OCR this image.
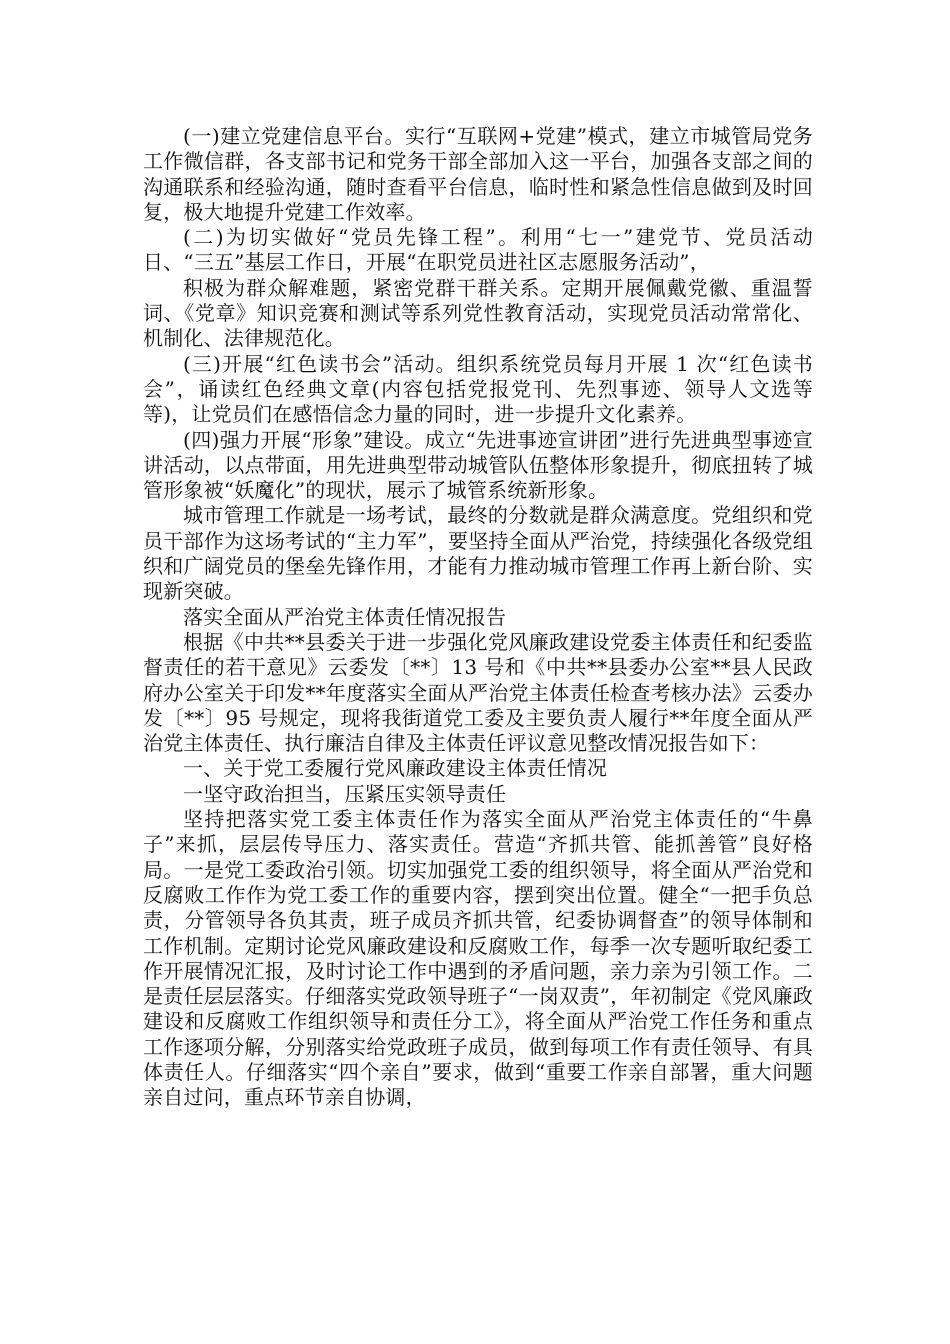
(一)建立党建信息平台。实行“互联网+党建”模式，建立市城管局党务工作微信群，各支部书记和党务干部全部加入这一平台，加强各支部之间的沟通联系和经验沟通，随时查看平台信息，临时性和紧急性信息做到及时回复，极大地提升党建工作效率。

(二)为切实做好“党员先锋工程”。利用“七一”建党节、党员活动日、“三五”基层工作日，开展“在职党员进社区志愿服务活动”，

积极为群众解难题，紧密党群干群关系。定期开展佩戴党徽、重温誓词、《党章》知识竞赛和测试等系列党性教育活动，实现党员活动常常化、机制化、法律规范化。

(三)开展“红色读书会”活动。组织系统党员每月开展 1 次“红色读书会”，诵读红色经典文章(内容包括党报党刊、先烈事迹、领导人文选等等)，让党员们在感悟信念力量的同时，进一步提升文化素养。

(四)强力开展“形象”建设。成立“先进事迹宣讲团”进行先进典型事迹宣讲活动，以点带面，用先进典型带动城管队伍整体形象提升，彻底扭转了城管形象被“妖魔化”的现状，展示了城管系统新形象。

城市管理工作就是一场考试，最终的分数就是群众满意度。党组织和党员干部作为这场考试的“主力军”，要坚持全面从严治党，持续强化各级党组织和广阔党员的堡垒先锋作用，才能有力推动城市管理工作再上新台阶、实现新突破。

落实全面从严治党主体责任情况报告

根据《中共**县委关于进一步强化党风廉政建设党委主体责任和纪委监督责任的若干意见》云委发〔**〕13 号和《中共**县委办公室**县人民政府办公室关于印发**年度落实全面从严治党主体责任检查考核办法》云委办发〔**〕95 号规定，现将我街道党工委及主要负责人履行**年度全面从严治党主体责任、执行廉洁自律及主体责任评议意见整改情况报告如下：

一、关于党工委履行党风廉政建设主体责任情况

一坚守政治担当，压紧压实领导责任

坚持把落实党工委主体责任作为落实全面从严治党主体责任的“牛鼻子”来抓，层层传导压力、落实责任。营造“齐抓共管、能抓善管”良好格局。一是党工委政治引领。切实加强党工委的组织领导，将全面从严治党和反腐败工作作为党工委工作的重要内容，摆到突出位置。健全“一把手负总责，分管领导各负其责，班子成员齐抓共管，纪委协调督查”的领导体制和工作机制。定期讨论党风廉政建设和反腐败工作，每季一次专题听取纪委工作开展情况汇报，及时讨论工作中遇到的矛盾问题，亲力亲为引领工作。二是责任层层落实。仔细落实党政领导班子“一岗双责”，年初制定《党风廉政建设和反腐败工作组织领导和责任分工》，将全面从严治党工作任务和重点工作逐项分解，分别落实给党政班子成员，做到每项工作有责任领导、有具体责任人。仔细落实“四个亲自”要求，做到“重要工作亲自部署，重大问题亲自过问，重点环节亲自协调，
